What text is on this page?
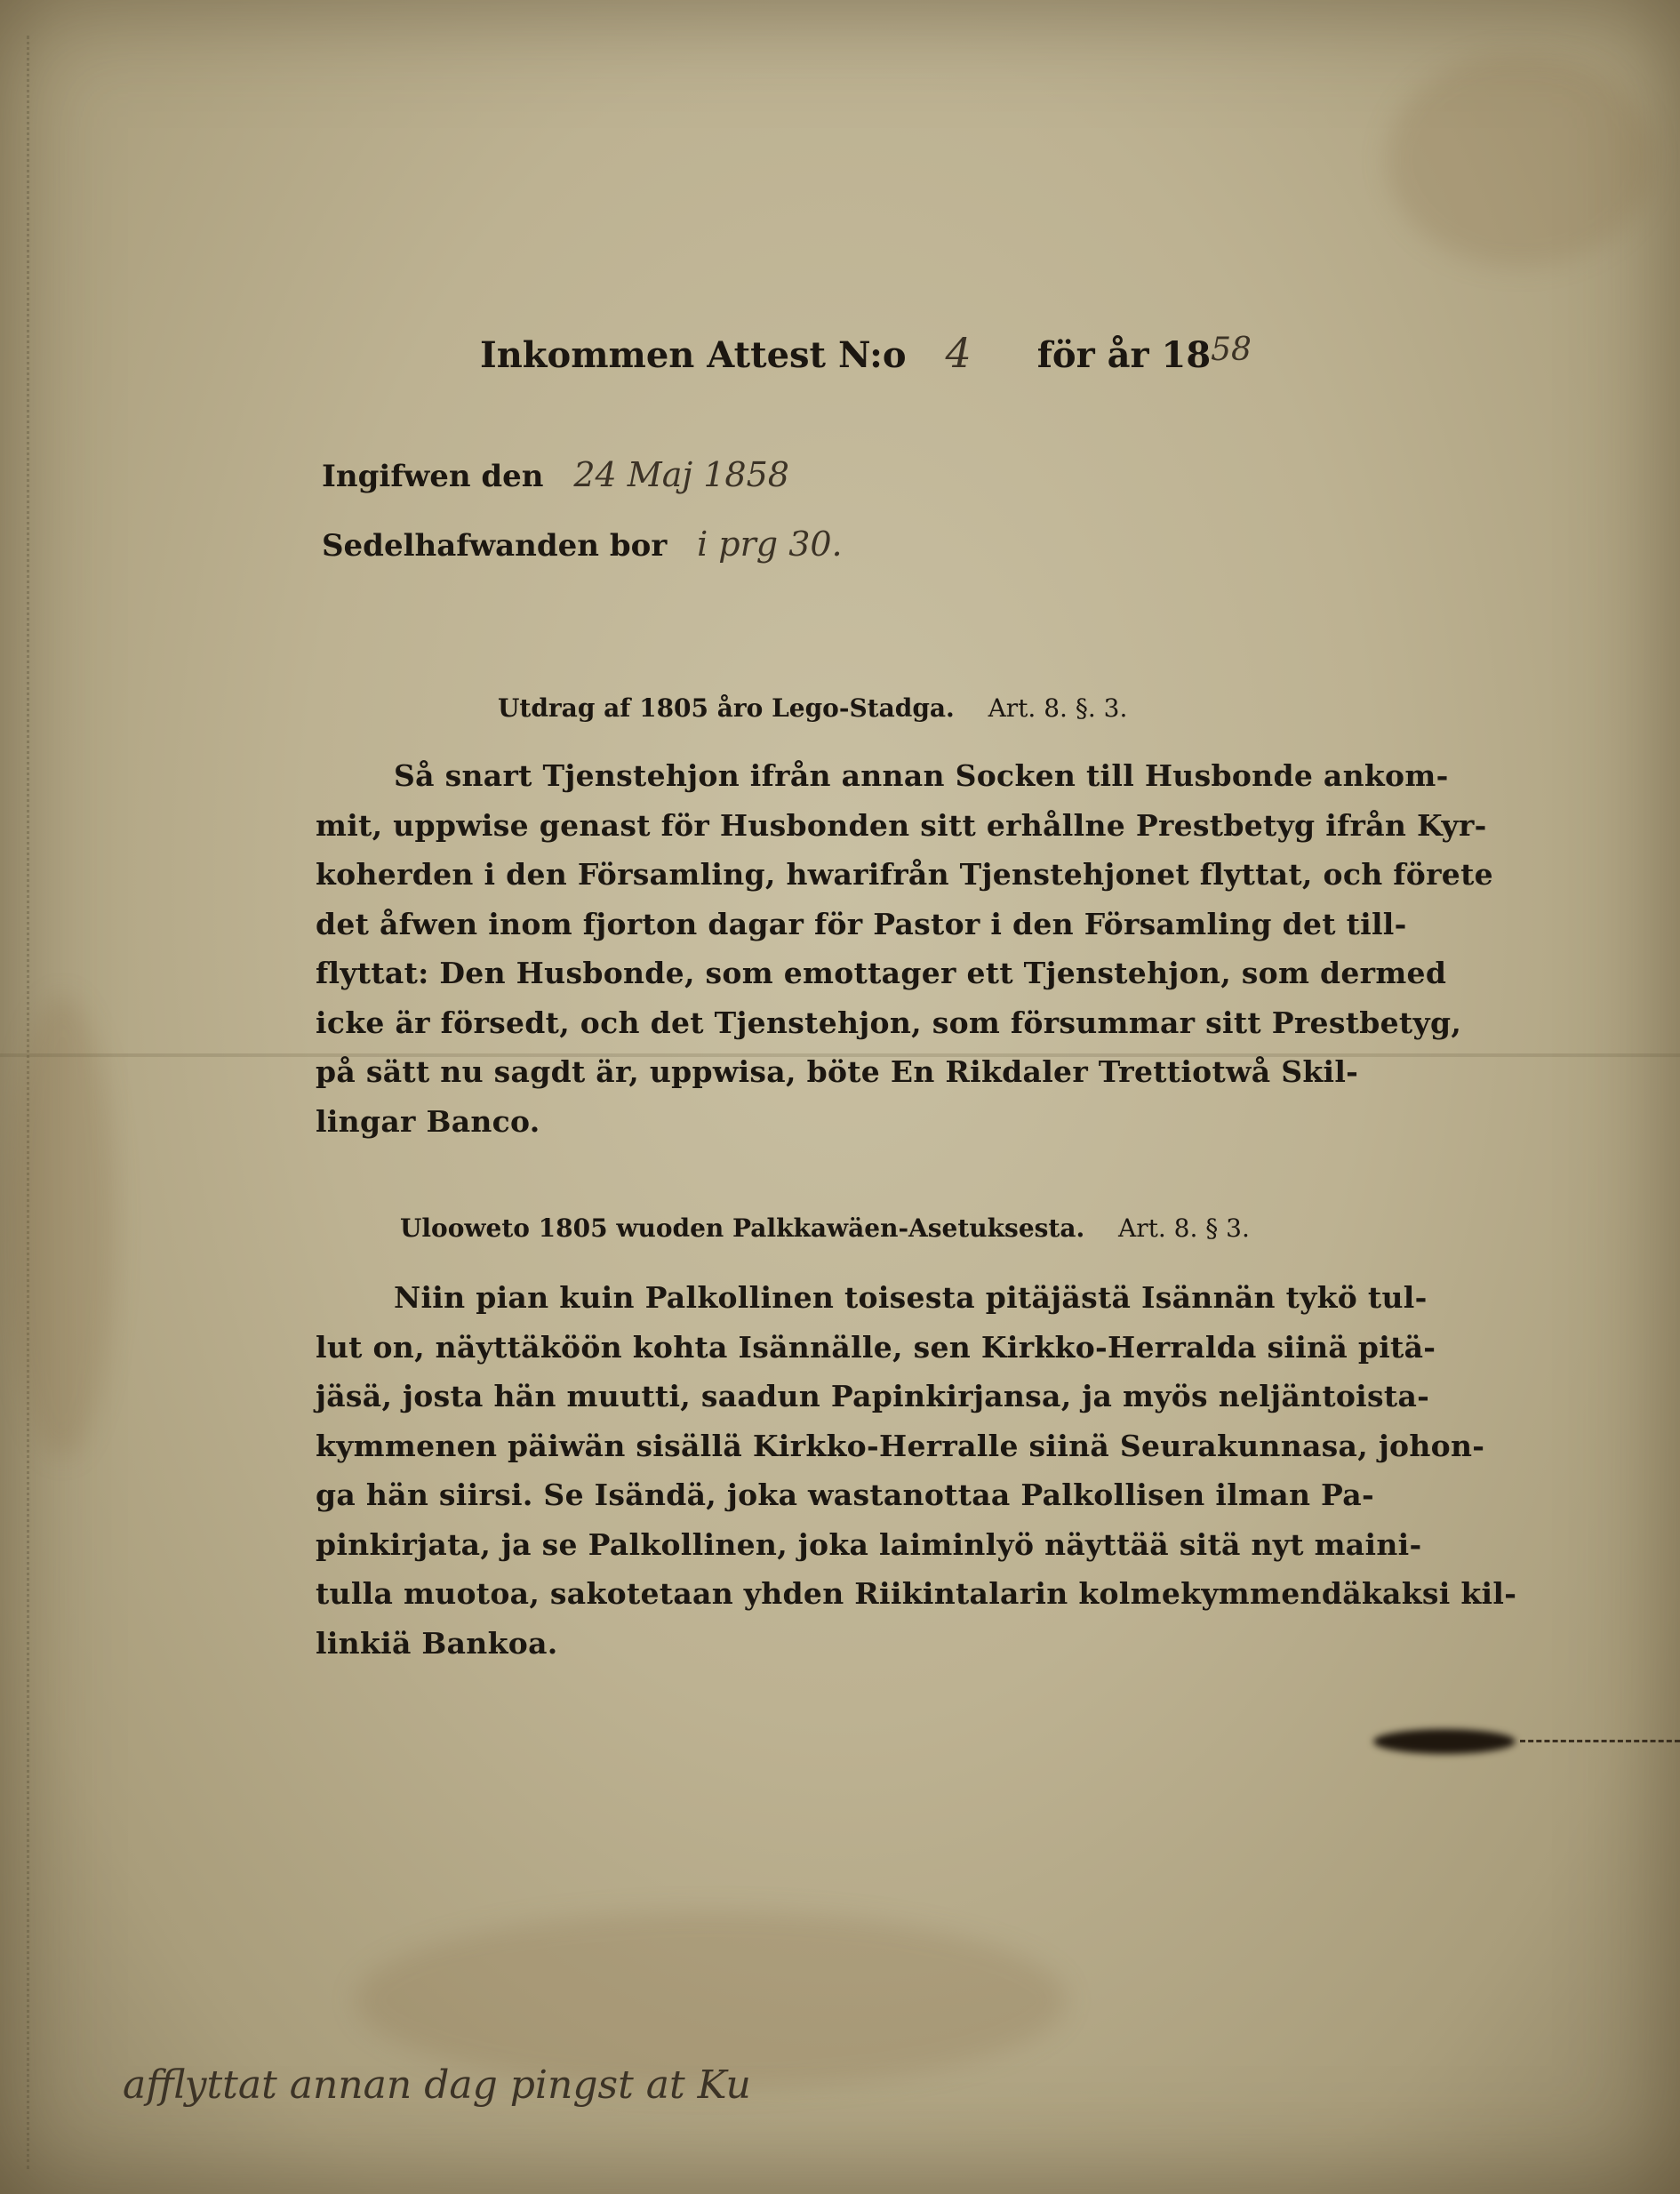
Inkommen Attest N:o 4 för år 1858
Ingifwen den 24 Maj 1858
Sedelhafwanden bor i prg 30.
Utdrag af 1805 åro Lego-Stadga. Art. 8. §. 3.
Så snart Tjenstehjon ifrån annan Socken till Husbonde ankom-
mit, uppwise genast för Husbonden sitt erhållne Prestbetyg ifrån Kyr-
koherden i den Församling, hwarifrån Tjenstehjonet flyttat, och förete
det åfwen inom fjorton dagar för Pastor i den Församling det till-
flyttat: Den Husbonde, som emottager ett Tjenstehjon, som dermed
icke är försedt, och det Tjenstehjon, som försummar sitt Prestbetyg,
på sätt nu sagdt är, uppwisa, böte En Rikdaler Trettiotwå Skil-
lingar Banco.
Ulooweto 1805 wuoden Palkkawäen-Asetuksesta. Art. 8. § 3.
Niin pian kuin Palkollinen toisesta pitäjästä Isännän tykö tul-
lut on, näyttäköön kohta Isännälle, sen Kirkko-Herralda siinä pitä-
jäsä, josta hän muutti, saadun Papinkirjansa, ja myös neljäntoista-
kymmenen päiwän sisällä Kirkko-Herralle siinä Seurakunnasa, johon-
ga hän siirsi. Se Isändä, joka wastanottaa Palkollisen ilman Pa-
pinkirjata, ja se Palkollinen, joka laiminlyö näyttää sitä nyt maini-
tulla muotoa, sakotetaan yhden Riikintalarin kolmekymmendäkaksi kil-
linkiä Bankoa.
afflyttat annan dag pingst at Ku
